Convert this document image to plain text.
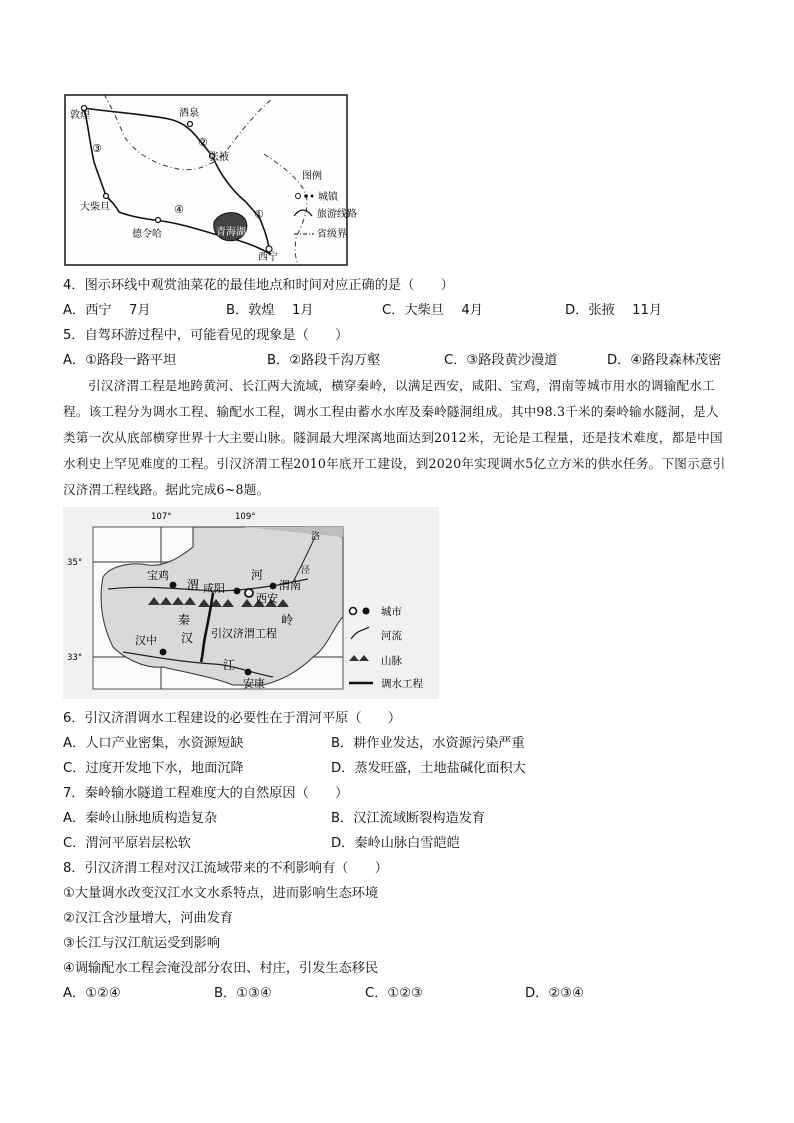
敦煌	酒泉
张掖
大柴旦
德令哈	青海湖
西宁
①
②
③
④
图例
城镇
旅游线路
省级界
4．图示环线中观赏油菜花的最佳地点和时间对应正确的是（　　）
A．西宁　 7月	B．敦煌　 1月	C．大柴旦　 4月	D．张掖　 11月
5．自驾环游过程中，可能看见的现象是（　　）
A．①路段一路平坦	B．②路段千沟万壑	C．③路段黄沙漫道	D．④路段森林茂密
引汉济渭工程是地跨黄河、长江两大流域，横穿秦岭，以满足西安，咸阳、宝鸡，渭南等城市用水的调输配水工程。该工程分为调水工程、输配水工程，调水工程由蓄水水库及秦岭隧洞组成。其中98.3千米的秦岭输水隧洞，是人类第一次从底部横穿世界十大主要山脉。隧洞最大埋深离地面达到2012米，无论是工程量，还是技术难度，都是中国水利史上罕见难度的工程。引汉济渭工程2010年底开工建设，到2020年实现调水5亿立方米的供水任务。下图示意引汉济渭工程线路。据此完成6~8题。
宝鸡
咸阳	渭南
西安
汉中
安康
渭
河
秦	岭
汉
江
引汉济渭工程
洛
泾
107°	109°
35°
33°
城市
河流
山脉
调水工程
6．引汉济渭调水工程建设的必要性在于渭河平原（　　）
A．人口产业密集，水资源短缺	B．耕作业发达，水资源污染严重
C．过度开发地下水，地面沉降	D．蒸发旺盛，土地盐碱化面积大
7．秦岭输水隧道工程难度大的自然原因（　　）
A．秦岭山脉地质构造复杂	B．汉江流域断裂构造发育
C．渭河平原岩层松软	D．秦岭山脉白雪皑皑
8．引汉济渭工程对汉江流域带来的不利影响有（　　）
①大量调水改变汉江水文水系特点，进而影响生态环境
②汉江含沙量增大，河曲发育
③长江与汉江航运受到影响
④调输配水工程会淹没部分农田、村庄，引发生态移民
A．①②④	B．①③④	C．①②③	D．②③④
